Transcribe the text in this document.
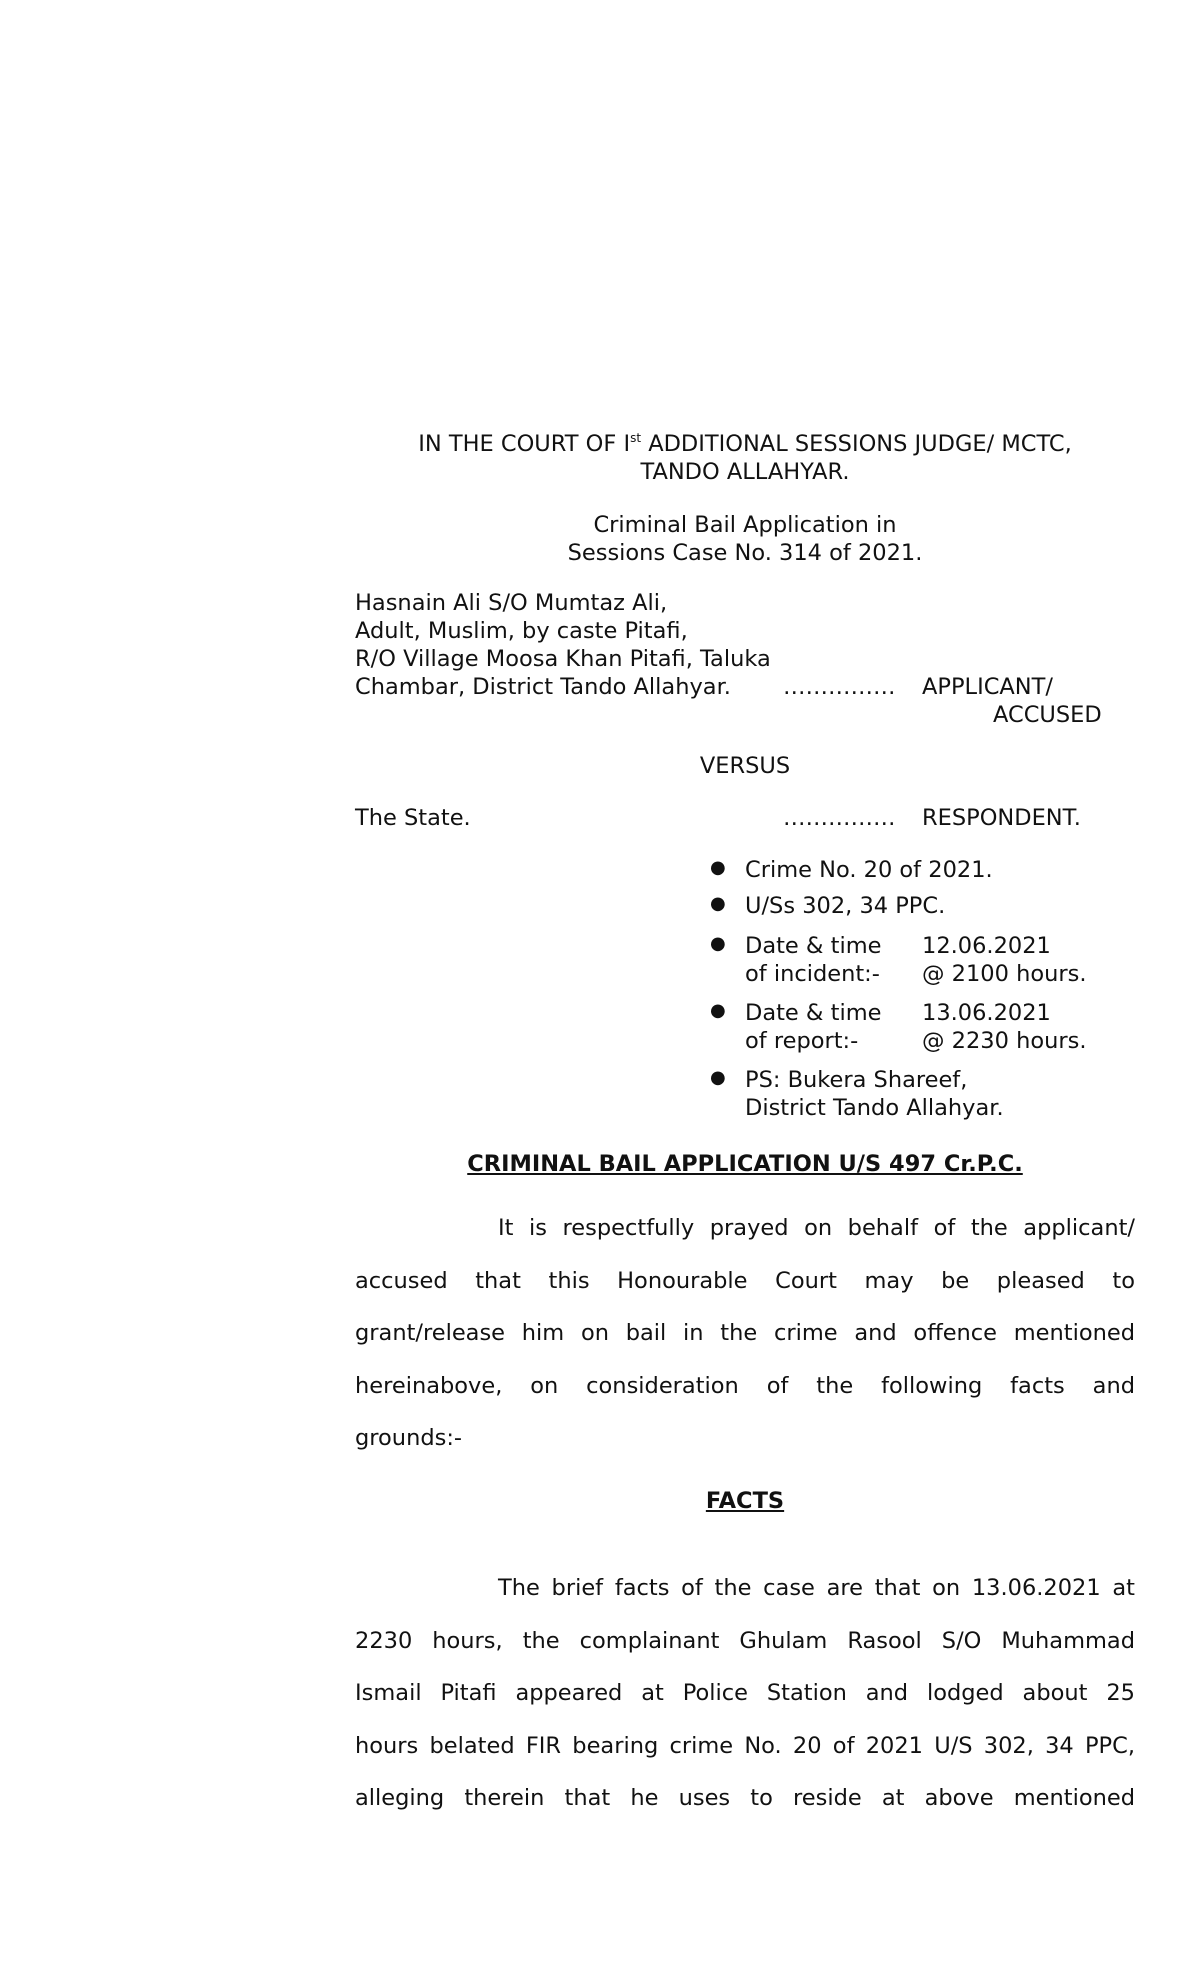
IN THE COURT OF Ist ADDITIONAL SESSIONS JUDGE/ MCTC,
TANDO ALLAHYAR.
Criminal Bail Application in
Sessions Case No. 314 of 2021.
Hasnain Ali S/O Mumtaz Ali,
Adult, Muslim, by caste Pitafi,
R/O Village Moosa Khan Pitafi, Taluka
Chambar, District Tando Allahyar. …………… APPLICANT/
ACCUSED
VERSUS
The State.	…………… RESPONDENT.
● Crime No. 20 of 2021.
● U/Ss 302, 34 PPC.
● Date & time 12.06.2021
of incident:- @ 2100 hours.
● Date & time 13.06.2021
of report:-	@ 2230 hours.
● PS: Bukera Shareef,
District Tando Allahyar.
CRIMINAL BAIL APPLICATION U/S 497 Cr.P.C.
It is respectfully prayed on behalf of the applicant/
accused that this Honourable Court may be pleased to
grant/release him on bail in the crime and offence mentioned
hereinabove, on consideration of the following facts and
grounds:-
FACTS
The brief facts of the case are that on 13.06.2021 at
2230 hours, the complainant Ghulam Rasool S/O Muhammad
Ismail Pitafi appeared at Police Station and lodged about 25
hours belated FIR bearing crime No. 20 of 2021 U/S 302, 34 PPC,
alleging therein that he uses to reside at above mentioned
